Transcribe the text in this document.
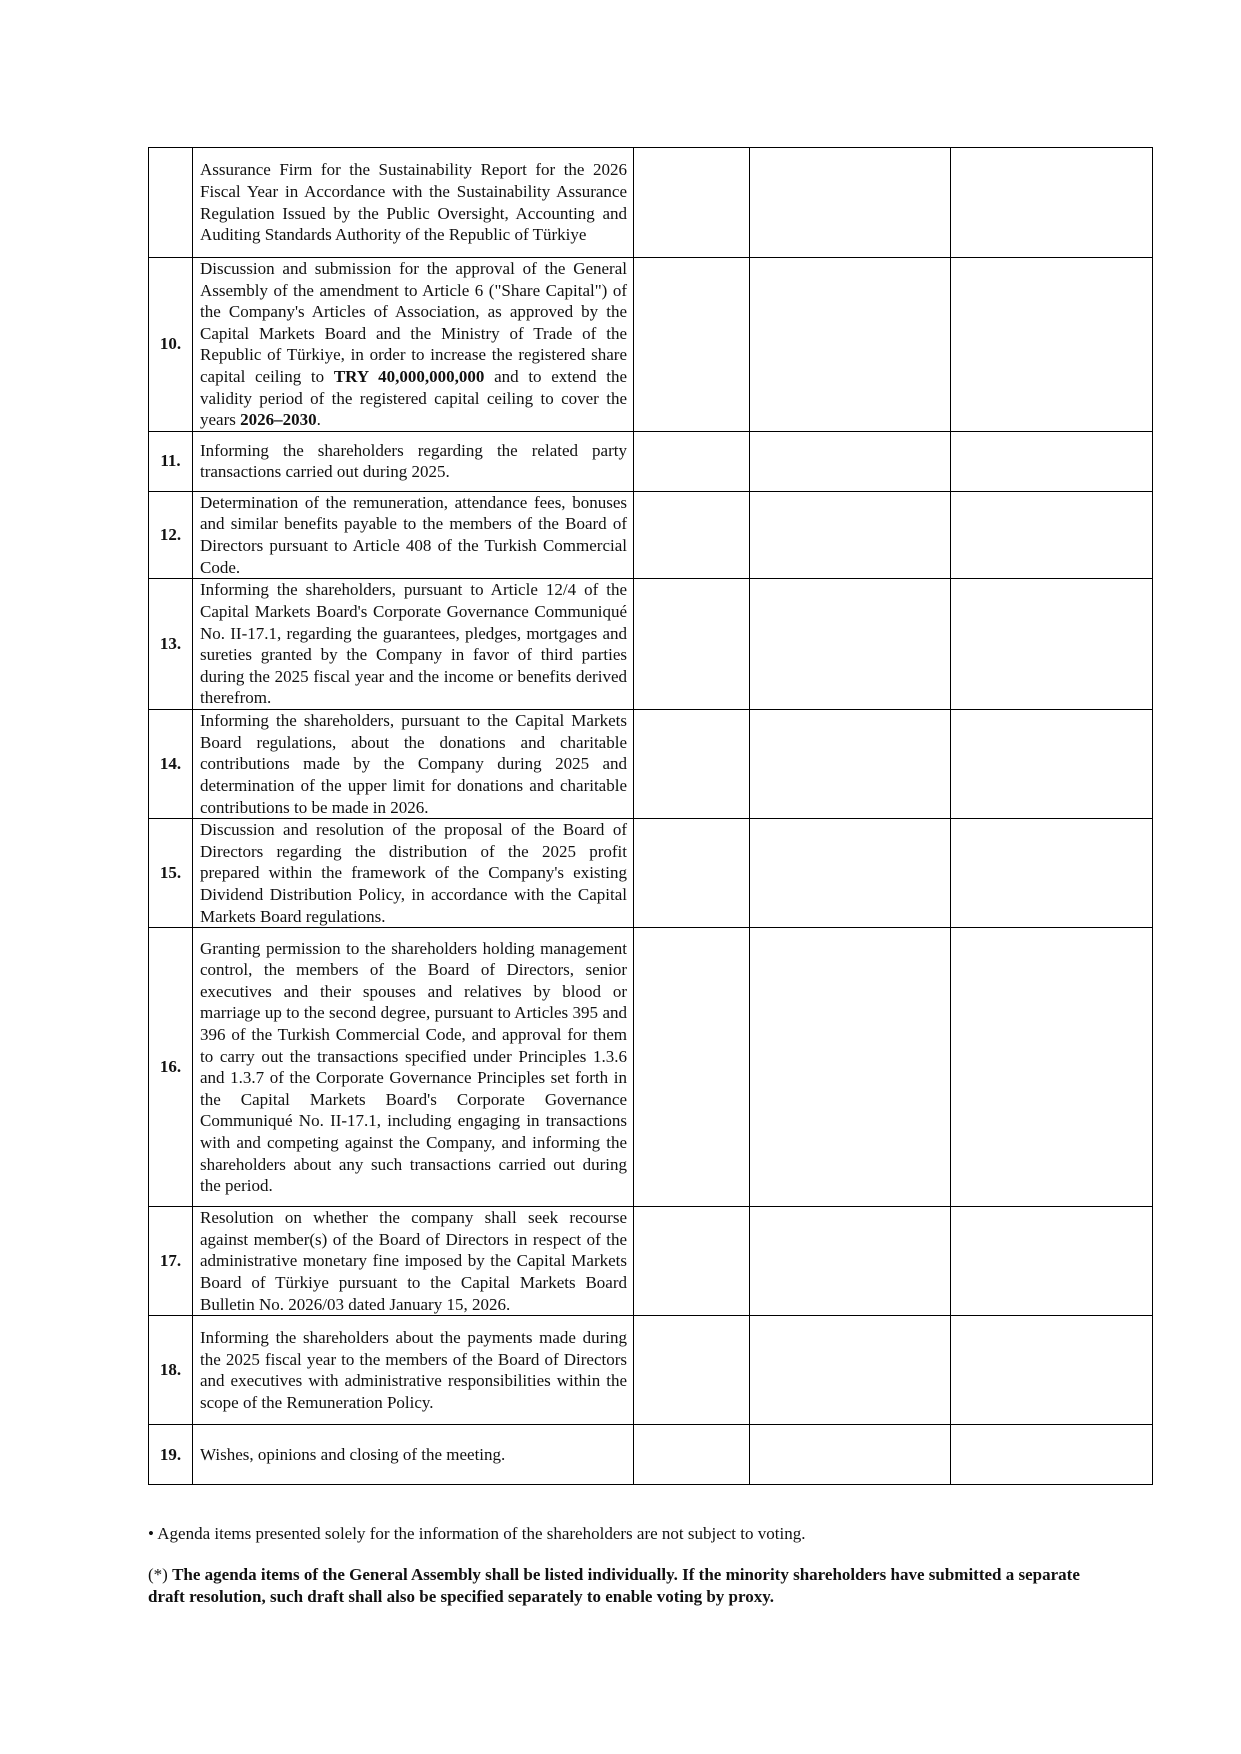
	Assurance Firm for the Sustainability Report for the 2026 Fiscal Year in Accordance with the Sustainability Assurance Regulation Issued by the Public Oversight, Accounting and Auditing Standards Authority of the Republic of Türkiye			

10.	Discussion and submission for the approval of the General Assembly of the amendment to Article 6 ("Share Capital") of the Company's Articles of Association, as approved by the Capital Markets Board and the Ministry of Trade of the Republic of Türkiye, in order to increase the registered share capital ceiling to TRY 40,000,000,000 and to extend the validity period of the registered capital ceiling to cover the years 2026–2030.			

11.	Informing the shareholders regarding the related party transactions carried out during 2025.			

12.	Determination of the remuneration, attendance fees, bonuses and similar benefits payable to the members of the Board of Directors pursuant to Article 408 of the Turkish Commercial Code.			

13.	Informing the shareholders, pursuant to Article 12/4 of the Capital Markets Board's Corporate Governance Communiqué No. II-17.1, regarding the guarantees, pledges, mortgages and sureties granted by the Company in favor of third parties during the 2025 fiscal year and the income or benefits derived therefrom.			

14.	Informing the shareholders, pursuant to the Capital Markets Board regulations, about the donations and charitable contributions made by the Company during 2025 and determination of the upper limit for donations and charitable contributions to be made in 2026.			

15.	Discussion and resolution of the proposal of the Board of Directors regarding the distribution of the 2025 profit prepared within the framework of the Company's existing Dividend Distribution Policy, in accordance with the Capital Markets Board regulations.			

16.	Granting permission to the shareholders holding management control, the members of the Board of Directors, senior executives and their spouses and relatives by blood or marriage up to the second degree, pursuant to Articles 395 and 396 of the Turkish Commercial Code, and approval for them to carry out the transactions specified under Principles 1.3.6 and 1.3.7 of the Corporate Governance Principles set forth in the Capital Markets Board's Corporate Governance Communiqué No. II-17.1, including engaging in transactions with and competing against the Company, and informing the shareholders about any such transactions carried out during the period.			

17.	Resolution on whether the company shall seek recourse against member(s) of the Board of Directors in respect of the administrative monetary fine imposed by the Capital Markets Board of Türkiye pursuant to the Capital Markets Board Bulletin No. 2026/03 dated January 15, 2026.			

18.	Informing the shareholders about the payments made during the 2025 fiscal year to the members of the Board of Directors and executives with administrative responsibilities within the scope of the Remuneration Policy.			

19.	Wishes, opinions and closing of the meeting.			

• Agenda items presented solely for the information of the shareholders are not subject to voting.
(*) The agenda items of the General Assembly shall be listed individually. If the minority shareholders have submitted a separate draft resolution, such draft shall also be specified separately to enable voting by proxy.
